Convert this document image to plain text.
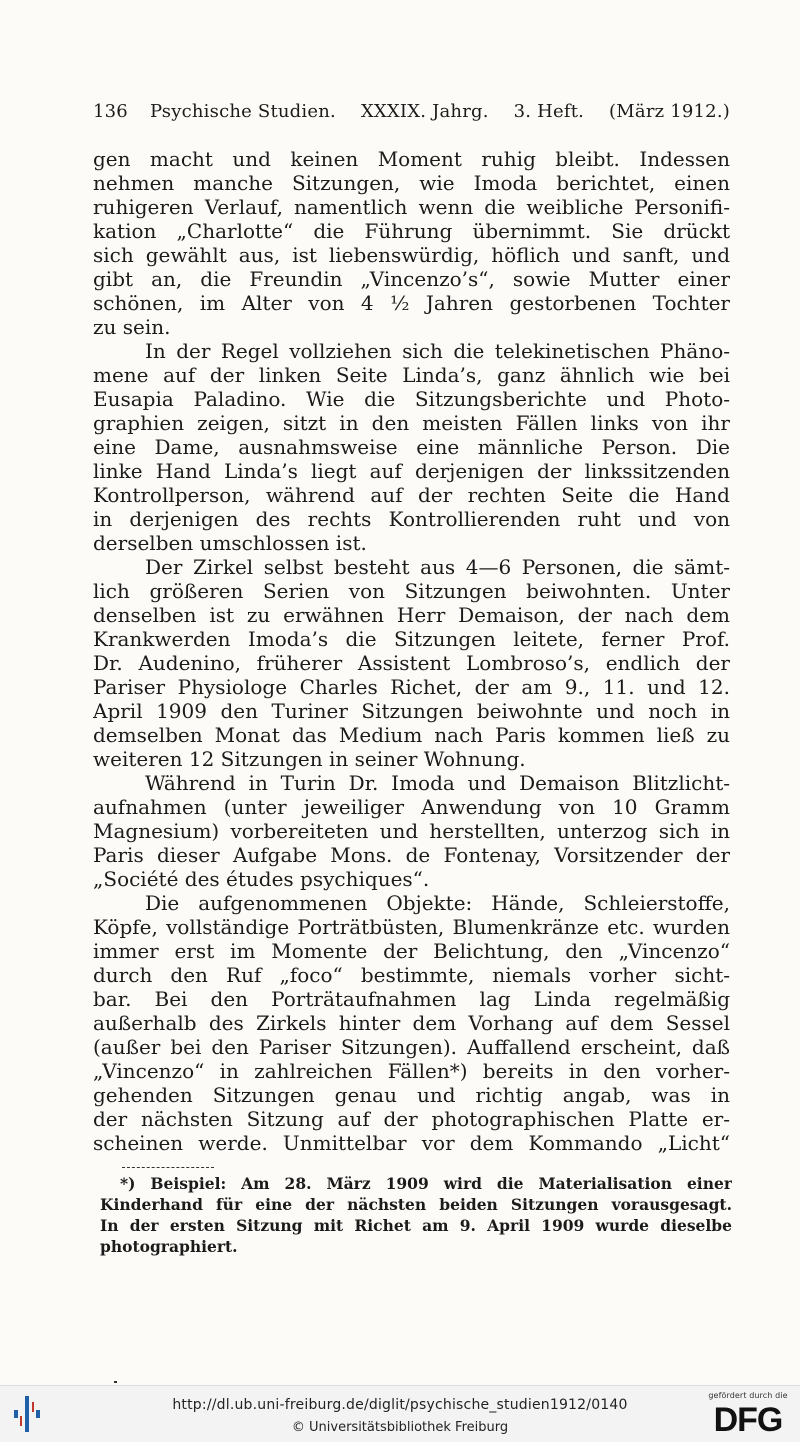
136 Psychische Studien. XXXIX. Jahrg. 3. Heft. (März 1912.)
gen macht und keinen Moment ruhig bleibt. Indessen
nehmen manche Sitzungen, wie Imoda berichtet, einen
ruhigeren Verlauf, namentlich wenn die weibliche Personifi-
kation „Charlotte“ die Führung übernimmt. Sie drückt
sich gewählt aus, ist liebenswürdig, höflich und sanft, und
gibt an, die Freundin „Vincenzo’s“, sowie Mutter einer
schönen, im Alter von 4 ½ Jahren gestorbenen Tochter
zu sein.
In der Regel vollziehen sich die telekinetischen Phäno-
mene auf der linken Seite Linda’s, ganz ähnlich wie bei
Eusapia Paladino. Wie die Sitzungsberichte und Photo-
graphien zeigen, sitzt in den meisten Fällen links von ihr
eine Dame, ausnahmsweise eine männliche Person. Die
linke Hand Linda’s liegt auf derjenigen der linkssitzenden
Kontrollperson, während auf der rechten Seite die Hand
in derjenigen des rechts Kontrollierenden ruht und von
derselben umschlossen ist.
Der Zirkel selbst besteht aus 4—6 Personen, die sämt-
lich größeren Serien von Sitzungen beiwohnten. Unter
denselben ist zu erwähnen Herr Demaison, der nach dem
Krankwerden Imoda’s die Sitzungen leitete, ferner Prof.
Dr. Audenino, früherer Assistent Lombroso’s, endlich der
Pariser Physiologe Charles Richet, der am 9., 11. und 12.
April 1909 den Turiner Sitzungen beiwohnte und noch in
demselben Monat das Medium nach Paris kommen ließ zu
weiteren 12 Sitzungen in seiner Wohnung.
Während in Turin Dr. Imoda und Demaison Blitzlicht-
aufnahmen (unter jeweiliger Anwendung von 10 Gramm
Magnesium) vorbereiteten und herstellten, unterzog sich in
Paris dieser Aufgabe Mons. de Fontenay, Vorsitzender der
„Société des études psychiques“.
Die aufgenommenen Objekte: Hände, Schleierstoffe,
Köpfe, vollständige Porträtbüsten, Blumenkränze etc. wurden
immer erst im Momente der Belichtung, den „Vincenzo“
durch den Ruf „foco“ bestimmte, niemals vorher sicht-
bar. Bei den Porträtaufnahmen lag Linda regelmäßig
außerhalb des Zirkels hinter dem Vorhang auf dem Sessel
(außer bei den Pariser Sitzungen). Auffallend erscheint, daß
„Vincenzo“ in zahlreichen Fällen*) bereits in den vorher-
gehenden Sitzungen genau und richtig angab, was in
der nächsten Sitzung auf der photographischen Platte er-
scheinen werde. Unmittelbar vor dem Kommando „Licht“
*) Beispiel: Am 28. März 1909 wird die Materialisation einer
Kinderhand für eine der nächsten beiden Sitzungen vorausgesagt.
In der ersten Sitzung mit Richet am 9. April 1909 wurde dieselbe
photographiert.
http://dl.ub.uni-freiburg.de/diglit/psychische_studien1912/0140
© Universitätsbibliothek Freiburg
gefördert durch die
DFG
